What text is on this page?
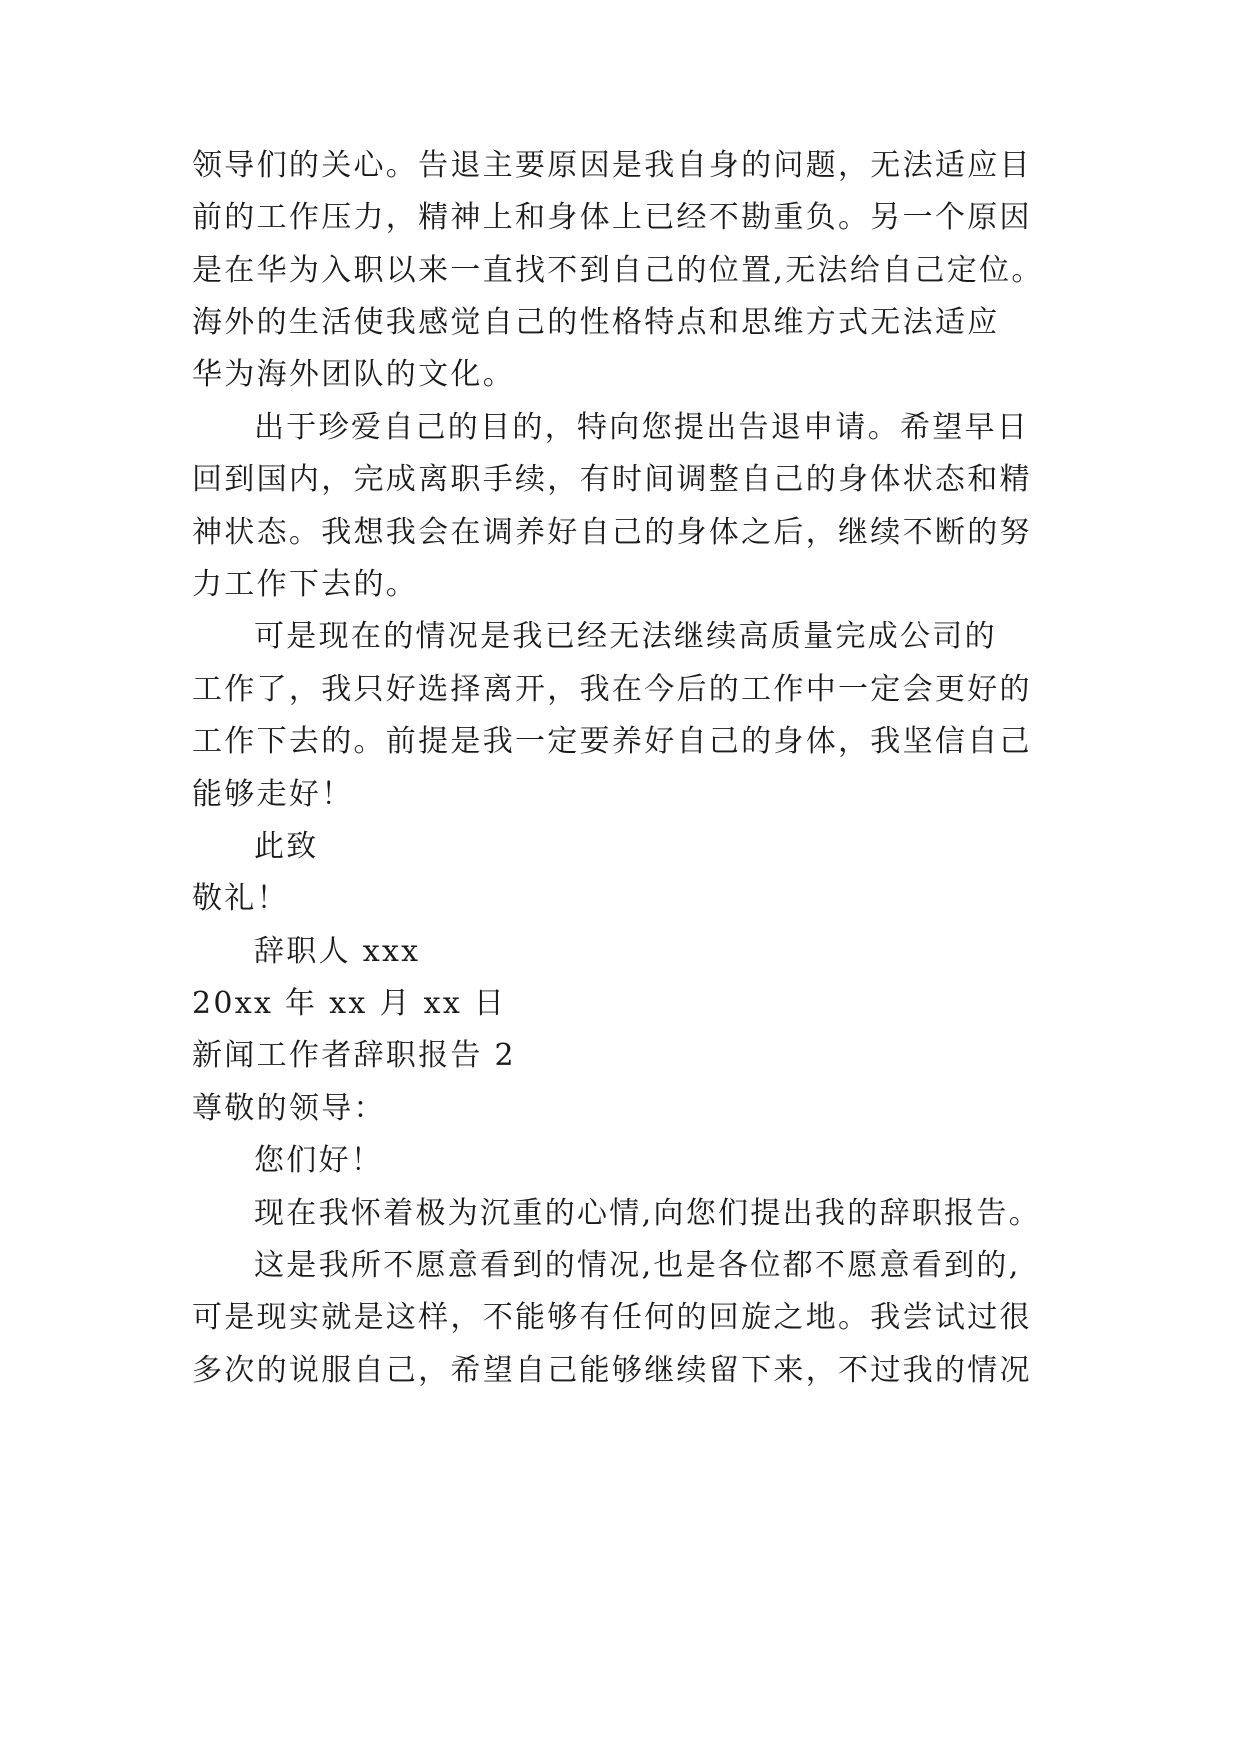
领导们的关心。告退主要原因是我自身的问题，无法适应目
前的工作压力，精神上和身体上已经不勘重负。另一个原因
是在华为入职以来一直找不到自己的位置,无法给自己定位。
海外的生活使我感觉自己的性格特点和思维方式无法适应
华为海外团队的文化。
出于珍爱自己的目的，特向您提出告退申请。希望早日
回到国内，完成离职手续，有时间调整自己的身体状态和精
神状态。我想我会在调养好自己的身体之后，继续不断的努
力工作下去的。
可是现在的情况是我已经无法继续高质量完成公司的
工作了，我只好选择离开，我在今后的工作中一定会更好的
工作下去的。前提是我一定要养好自己的身体，我坚信自己
能够走好！
此致
敬礼！
辞职人 xxx
20xx 年 xx 月 xx 日
新闻工作者辞职报告 2
尊敬的领导：
您们好！
现在我怀着极为沉重的心情,向您们提出我的辞职报告。
这是我所不愿意看到的情况,也是各位都不愿意看到的,
可是现实就是这样，不能够有任何的回旋之地。我尝试过很
多次的说服自己，希望自己能够继续留下来，不过我的情况
